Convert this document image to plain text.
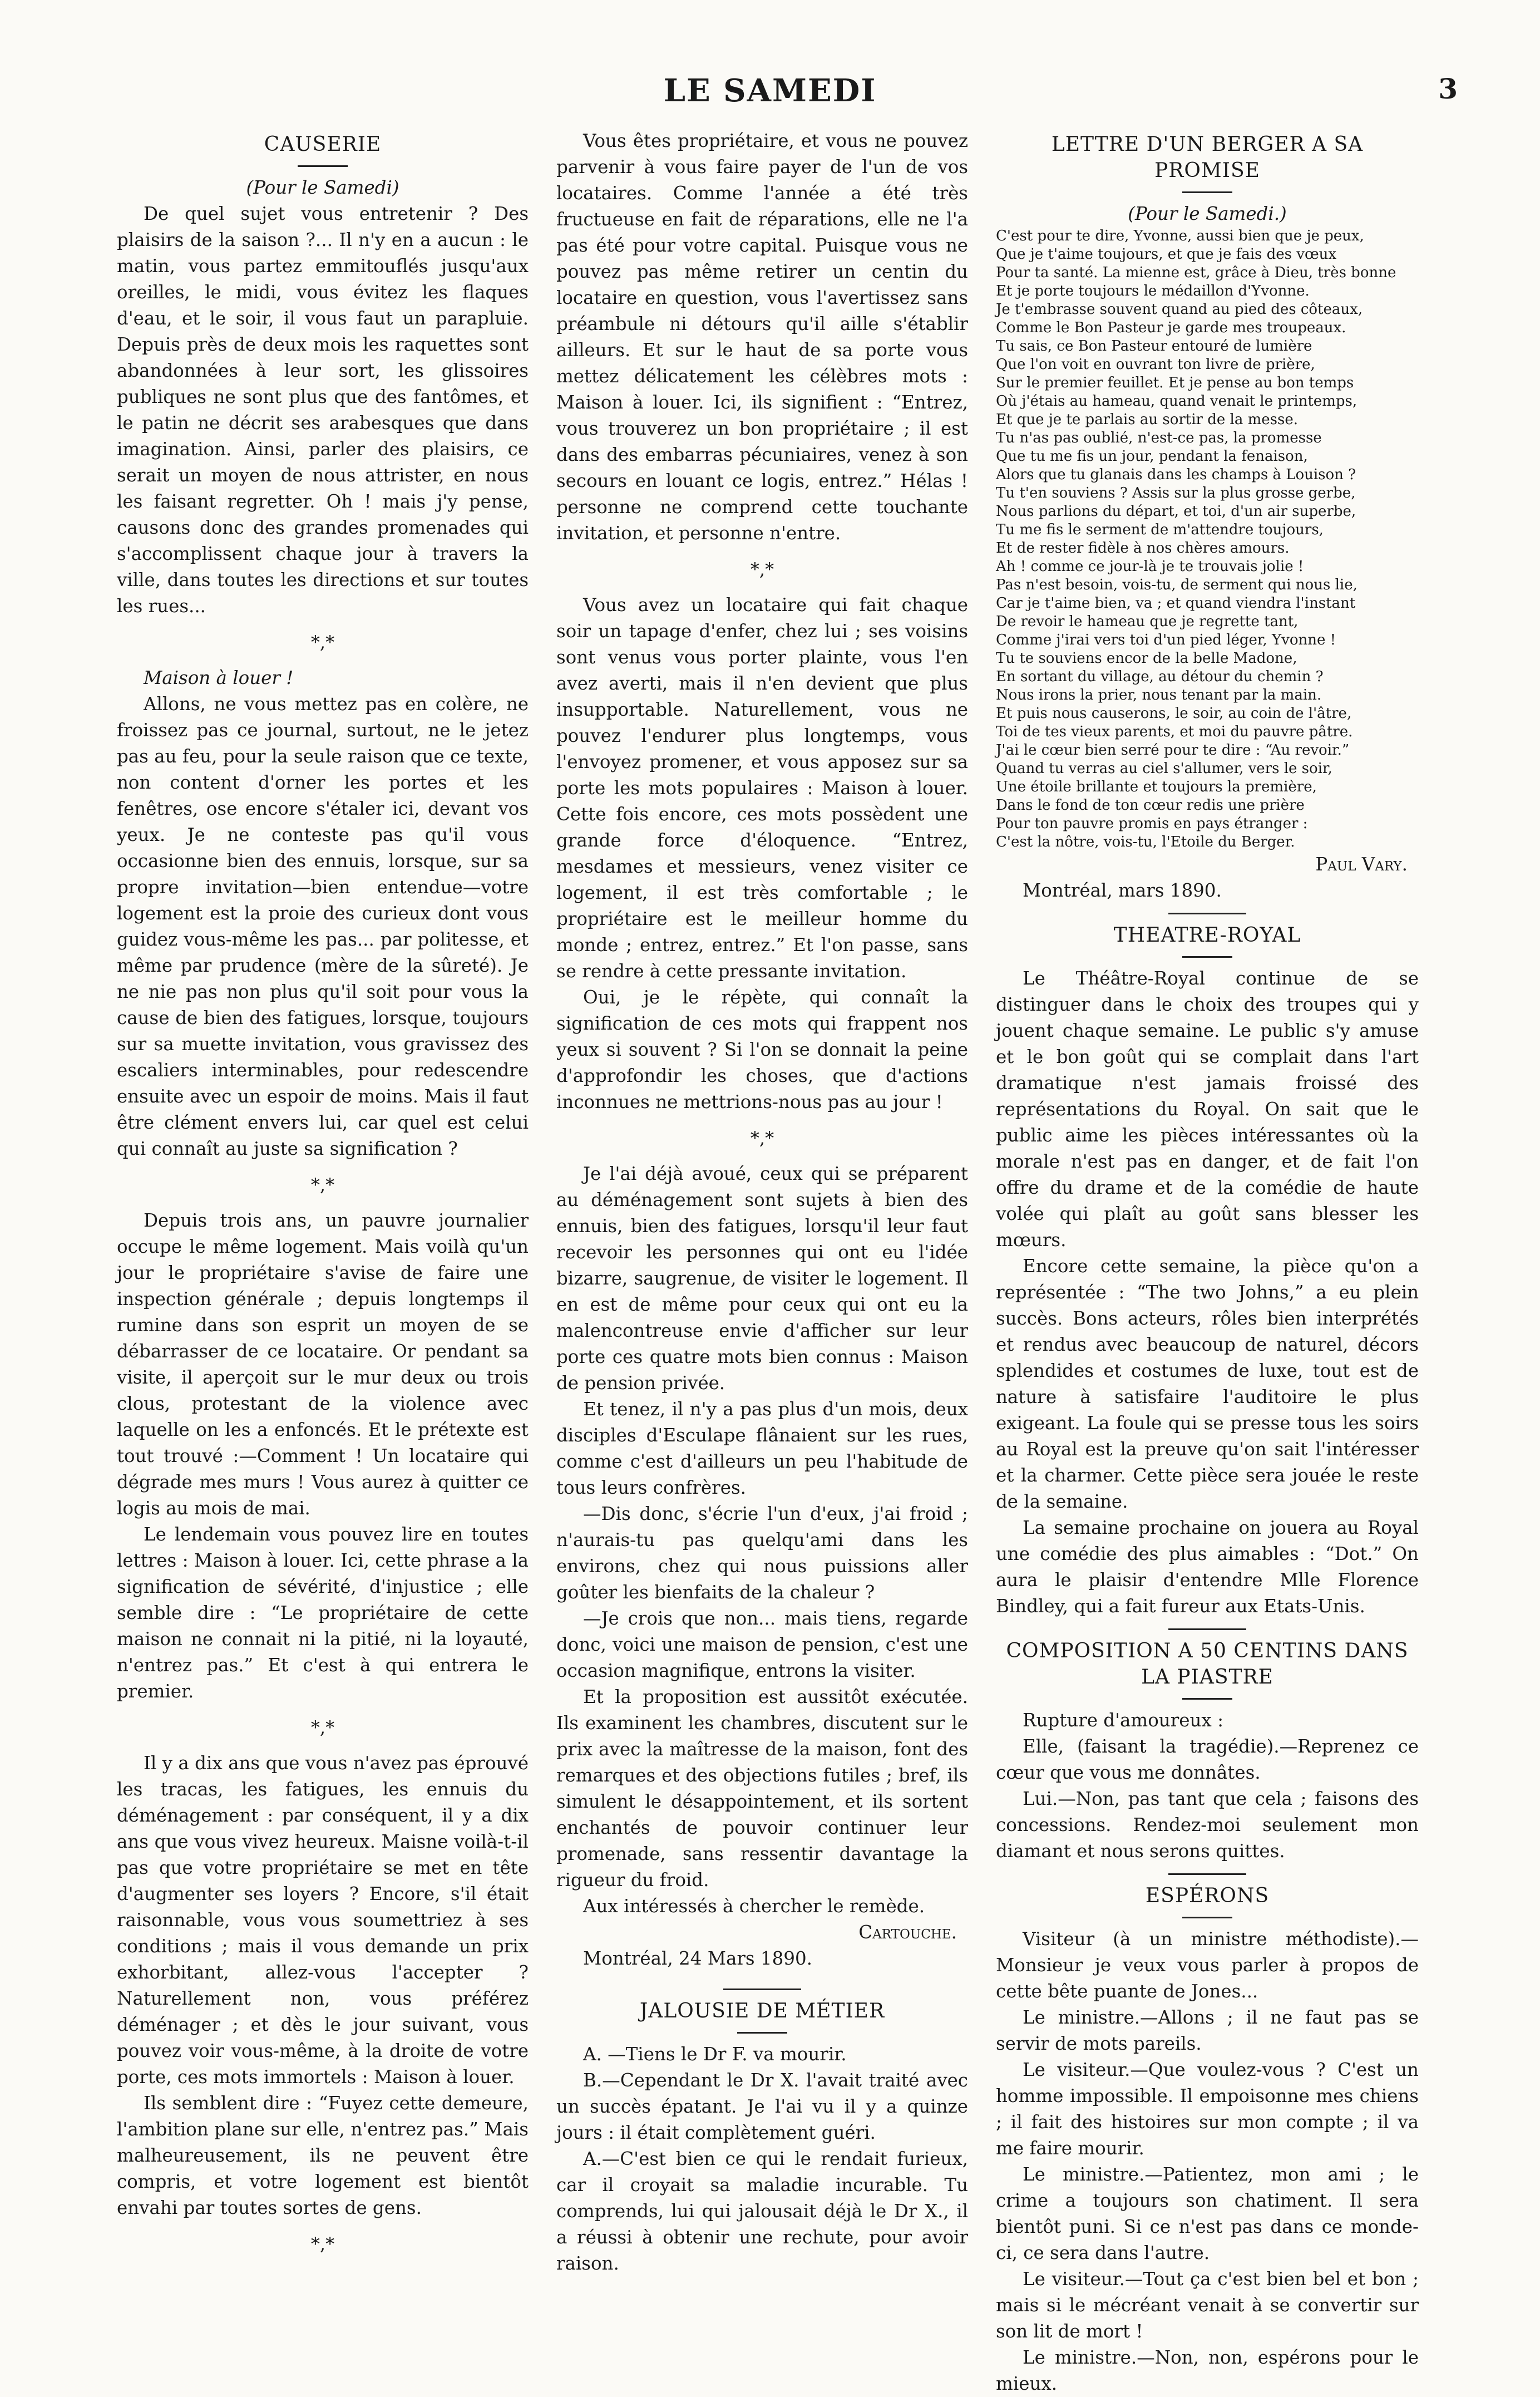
LE SAMEDI	3
CAUSERIE

(Pour le Samedi)

De quel sujet vous entretenir ? Des plaisirs de la saison ?... Il n'y en a aucun : le matin, vous partez emmitouflés jusqu'aux oreilles, le midi, vous évitez les flaques d'eau, et le soir, il vous faut un parapluie. Depuis près de deux mois les raquettes sont abandonnées à leur sort, les glissoires publiques ne sont plus que des fantômes, et le patin ne décrit ses arabesques que dans imagination. Ainsi, parler des plaisirs, ce serait un moyen de nous attrister, en nous les faisant regretter. Oh ! mais j'y pense, causons donc des grandes promenades qui s'accomplissent chaque jour à travers la ville, dans toutes les directions et sur toutes les rues...

*,*

Maison à louer !

Allons, ne vous mettez pas en colère, ne froissez pas ce journal, surtout, ne le jetez pas au feu, pour la seule raison que ce texte, non content d'orner les portes et les fenêtres, ose encore s'étaler ici, devant vos yeux. Je ne conteste pas qu'il vous occasionne bien des ennuis, lorsque, sur sa propre invitation—bien entendue—votre logement est la proie des curieux dont vous guidez vous-même les pas... par politesse, et même par prudence (mère de la sûreté). Je ne nie pas non plus qu'il soit pour vous la cause de bien des fatigues, lorsque, toujours sur sa muette invitation, vous gravissez des escaliers interminables, pour redescendre ensuite avec un espoir de moins. Mais il faut être clément envers lui, car quel est celui qui connaît au juste sa signification ?

*,*

Depuis trois ans, un pauvre journalier occupe le même logement. Mais voilà qu'un jour le propriétaire s'avise de faire une inspection générale ; depuis longtemps il rumine dans son esprit un moyen de se débarrasser de ce locataire. Or pendant sa visite, il aperçoit sur le mur deux ou trois clous, protestant de la violence avec laquelle on les a enfoncés. Et le prétexte est tout trouvé :—Comment ! Un locataire qui dégrade mes murs ! Vous aurez à quitter ce logis au mois de mai.

Le lendemain vous pouvez lire en toutes lettres : Maison à louer. Ici, cette phrase a la signification de sévérité, d'injustice ; elle semble dire : “Le propriétaire de cette maison ne connait ni la pitié, ni la loyauté, n'entrez pas.” Et c'est à qui entrera le premier.

*,*

Il y a dix ans que vous n'avez pas éprouvé les tracas, les fatigues, les ennuis du déménagement : par conséquent, il y a dix ans que vous vivez heureux. Maisne voilà-t-il pas que votre propriétaire se met en tête d'augmenter ses loyers ? Encore, s'il était raisonnable, vous vous soumettriez à ses conditions ; mais il vous demande un prix exhorbitant, allez-vous l'accepter ? Naturellement non, vous préférez déménager ; et dès le jour suivant, vous pouvez voir vous-même, à la droite de votre porte, ces mots immortels : Maison à louer.

Ils semblent dire : “Fuyez cette demeure, l'ambition plane sur elle, n'entrez pas.” Mais malheureusement, ils ne peuvent être compris, et votre logement est bientôt envahi par toutes sortes de gens.

*,*

Vous êtes propriétaire, et vous ne pouvez parvenir à vous faire payer de l'un de vos locataires. Comme l'année a été très fructueuse en fait de réparations, elle ne l'a pas été pour votre capital. Puisque vous ne pouvez pas même retirer un centin du locataire en question, vous l'avertissez sans préambule ni détours qu'il aille s'établir ailleurs. Et sur le haut de sa porte vous mettez délicatement les célèbres mots : Maison à louer. Ici, ils signifient : “Entrez, vous trouverez un bon propriétaire ; il est dans des embarras pécuniaires, venez à son secours en louant ce logis, entrez.” Hélas ! personne ne comprend cette touchante invitation, et personne n'entre.

*,*

Vous avez un locataire qui fait chaque soir un tapage d'enfer, chez lui ; ses voisins sont venus vous porter plainte, vous l'en avez averti, mais il n'en devient que plus insupportable. Naturellement, vous ne pouvez l'endurer plus longtemps, vous l'envoyez promener, et vous apposez sur sa porte les mots populaires : Maison à louer. Cette fois encore, ces mots possèdent une grande force d'éloquence. “Entrez, mesdames et messieurs, venez visiter ce logement, il est très comfortable ; le propriétaire est le meilleur homme du monde ; entrez, entrez.” Et l'on passe, sans se rendre à cette pressante invitation.

Oui, je le répète, qui connaît la signification de ces mots qui frappent nos yeux si souvent ? Si l'on se donnait la peine d'approfondir les choses, que d'actions inconnues ne mettrions-nous pas au jour !

*,*

Je l'ai déjà avoué, ceux qui se préparent au déménagement sont sujets à bien des ennuis, bien des fatigues, lorsqu'il leur faut recevoir les personnes qui ont eu l'idée bizarre, saugrenue, de visiter le logement. Il en est de même pour ceux qui ont eu la malencontreuse envie d'afficher sur leur porte ces quatre mots bien connus : Maison de pension privée.

Et tenez, il n'y a pas plus d'un mois, deux disciples d'Esculape flânaient sur les rues, comme c'est d'ailleurs un peu l'habitude de tous leurs confrères.

—Dis donc, s'écrie l'un d'eux, j'ai froid ; n'aurais-tu pas quelqu'ami dans les environs, chez qui nous puissions aller goûter les bienfaits de la chaleur ?

—Je crois que non... mais tiens, regarde donc, voici une maison de pension, c'est une occasion magnifique, entrons la visiter.

Et la proposition est aussitôt exécutée. Ils examinent les chambres, discutent sur le prix avec la maîtresse de la maison, font des remarques et des objections futiles ; bref, ils simulent le désappointement, et ils sortent enchantés de pouvoir continuer leur promenade, sans ressentir davantage la rigueur du froid.

Aux intéressés à chercher le remède.

Cartouche.

Montréal, 24 Mars 1890.

JALOUSIE DE MÉTIER

A. —Tiens le Dr F. va mourir.

B.—Cependant le Dr X. l'avait traité avec un succès épatant. Je l'ai vu il y a quinze jours : il était complètement guéri.

A.—C'est bien ce qui le rendait furieux, car il croyait sa maladie incurable. Tu comprends, lui qui jalousait déjà le Dr X., il a réussi à obtenir une rechute, pour avoir raison.

LETTRE D'UN BERGER A SA PROMISE

(Pour le Samedi.)

C'est pour te dire, Yvonne, aussi bien que je peux,
Que je t'aime toujours, et que je fais des vœux
Pour ta santé. La mienne est, grâce à Dieu, très bonne
Et je porte toujours le médaillon d'Yvonne.
Je t'embrasse souvent quand au pied des côteaux,
Comme le Bon Pasteur je garde mes troupeaux.
Tu sais, ce Bon Pasteur entouré de lumière
Que l'on voit en ouvrant ton livre de prière,
Sur le premier feuillet. Et je pense au bon temps
Où j'étais au hameau, quand venait le printemps,
Et que je te parlais au sortir de la messe.
Tu n'as pas oublié, n'est-ce pas, la promesse
Que tu me fis un jour, pendant la fenaison,
Alors que tu glanais dans les champs à Louison ?
Tu t'en souviens ? Assis sur la plus grosse gerbe,
Nous parlions du départ, et toi, d'un air superbe,
Tu me fis le serment de m'attendre toujours,
Et de rester fidèle à nos chères amours.
Ah ! comme ce jour-là je te trouvais jolie !
Pas n'est besoin, vois-tu, de serment qui nous lie,
Car je t'aime bien, va ; et quand viendra l'instant
De revoir le hameau que je regrette tant,
Comme j'irai vers toi d'un pied léger, Yvonne !
Tu te souviens encor de la belle Madone,
En sortant du village, au détour du chemin ?
Nous irons la prier, nous tenant par la main.
Et puis nous causerons, le soir, au coin de l'âtre,
Toi de tes vieux parents, et moi du pauvre pâtre.
J'ai le cœur bien serré pour te dire : “Au revoir.”
Quand tu verras au ciel s'allumer, vers le soir,
Une étoile brillante et toujours la première,
Dans le fond de ton cœur redis une prière
Pour ton pauvre promis en pays étranger :
C'est la nôtre, vois-tu, l'Etoile du Berger.

Paul Vary.

Montréal, mars 1890.

THEATRE-ROYAL

Le Théâtre-Royal continue de se distinguer dans le choix des troupes qui y jouent chaque semaine. Le public s'y amuse et le bon goût qui se complait dans l'art dramatique n'est jamais froissé des représentations du Royal. On sait que le public aime les pièces intéressantes où la morale n'est pas en danger, et de fait l'on offre du drame et de la comédie de haute volée qui plaît au goût sans blesser les mœurs.

Encore cette semaine, la pièce qu'on a représentée : “The two Johns,” a eu plein succès. Bons acteurs, rôles bien interprétés et rendus avec beaucoup de naturel, décors splendides et costumes de luxe, tout est de nature à satisfaire l'auditoire le plus exigeant. La foule qui se presse tous les soirs au Royal est la preuve qu'on sait l'intéresser et la charmer. Cette pièce sera jouée le reste de la semaine.

La semaine prochaine on jouera au Royal une comédie des plus aimables : “Dot.” On aura le plaisir d'entendre Mlle Florence Bindley, qui a fait fureur aux Etats-Unis.

COMPOSITION A 50 CENTINS DANS LA PIASTRE

Rupture d'amoureux :

Elle, (faisant la tragédie).—Reprenez ce cœur que vous me donnâtes.

Lui.—Non, pas tant que cela ; faisons des concessions. Rendez-moi seulement mon diamant et nous serons quittes.

ESPÉRONS

Visiteur (à un ministre méthodiste).—Monsieur je veux vous parler à propos de cette bête puante de Jones...

Le ministre.—Allons ; il ne faut pas se servir de mots pareils.

Le visiteur.—Que voulez-vous ? C'est un homme impossible. Il empoisonne mes chiens ; il fait des histoires sur mon compte ; il va me faire mourir.

Le ministre.—Patientez, mon ami ; le crime a toujours son chatiment. Il sera bientôt puni. Si ce n'est pas dans ce monde-ci, ce sera dans l'autre.

Le visiteur.—Tout ça c'est bien bel et bon ; mais si le mécréant venait à se convertir sur son lit de mort !

Le ministre.—Non, non, espérons pour le mieux.
